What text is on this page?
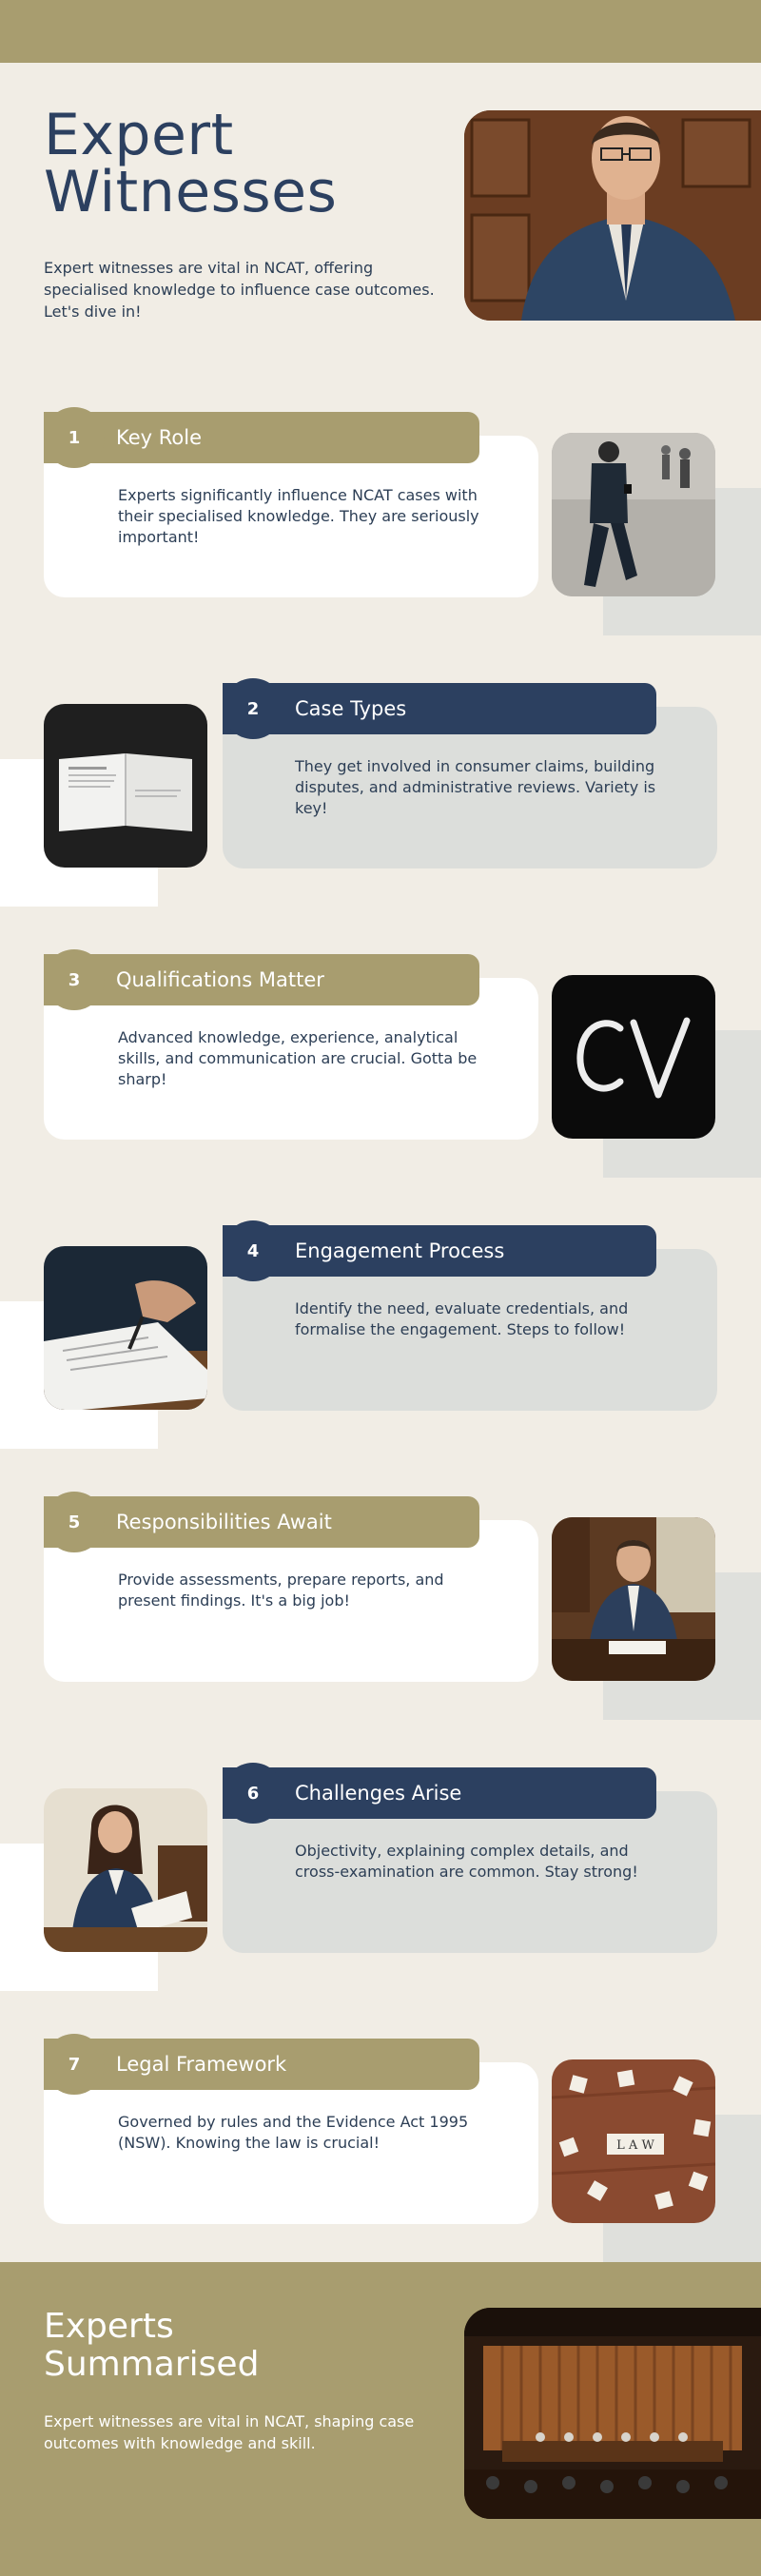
Expert
Witnesses
Expert witnesses are vital in NCAT, offering specialised knowledge to influence case outcomes. Let's dive in!
Experts significantly influence NCAT cases with their specialised knowledge. They are seriously important!
1	Key Role
They get involved in consumer claims, building disputes, and administrative reviews. Variety is key!
2	Case Types
Advanced knowledge, experience, analytical skills, and communication are crucial. Gotta be sharp!
3	Qualifications Matter
Identify the need, evaluate credentials, and formalise the engagement. Steps to follow!
4	Engagement Process
Provide assessments, prepare reports, and present findings. It's a big job!
5	Responsibilities Await
Objectivity, explaining complex details, and cross-examination are common. Stay strong!
6	Challenges Arise
Governed by rules and the Evidence Act 1995 (NSW). Knowing the law is crucial!
7	Legal Framework
L A W
Experts
Summarised
Expert witnesses are vital in NCAT, shaping case outcomes with knowledge and skill.
